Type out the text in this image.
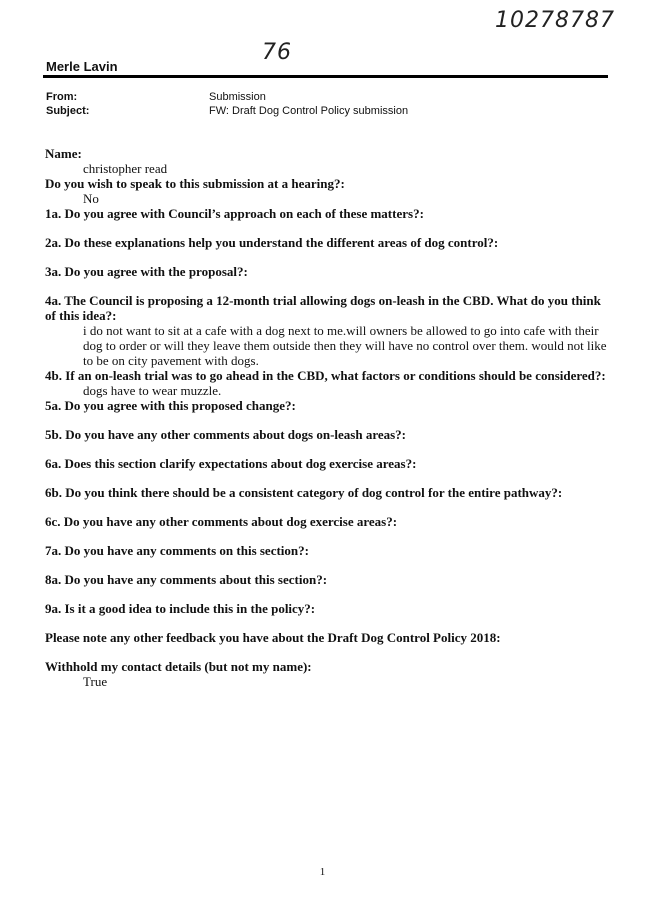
10278787
76
Merle Lavin
From:	Submission
Subject:	FW: Draft Dog Control Policy submission
Name:
christopher read
Do you wish to speak to this submission at a hearing?:
No
1a. Do you agree with Council’s approach on each of these matters?:
2a. Do these explanations help you understand the different areas of dog control?:
3a. Do you agree with the proposal?:
4a. The Council is proposing a 12-month trial allowing dogs on-leash in the CBD. What do you think of this idea?:
i do not want to sit at a cafe with a dog next to me.will owners be allowed to go into cafe with their dog to order or will they leave them outside then they will have no control over them. would not like to be on city pavement with dogs.
4b. If an on-leash trial was to go ahead in the CBD, what factors or conditions should be considered?:
dogs have to wear muzzle.
5a. Do you agree with this proposed change?:
5b. Do you have any other comments about dogs on-leash areas?:
6a. Does this section clarify expectations about dog exercise areas?:
6b. Do you think there should be a consistent category of dog control for the entire pathway?:
6c. Do you have any other comments about dog exercise areas?:
7a. Do you have any comments on this section?:
8a. Do you have any comments about this section?:
9a. Is it a good idea to include this in the policy?:
Please note any other feedback you have about the Draft Dog Control Policy 2018:
Withhold my contact details (but not my name):
True
1
